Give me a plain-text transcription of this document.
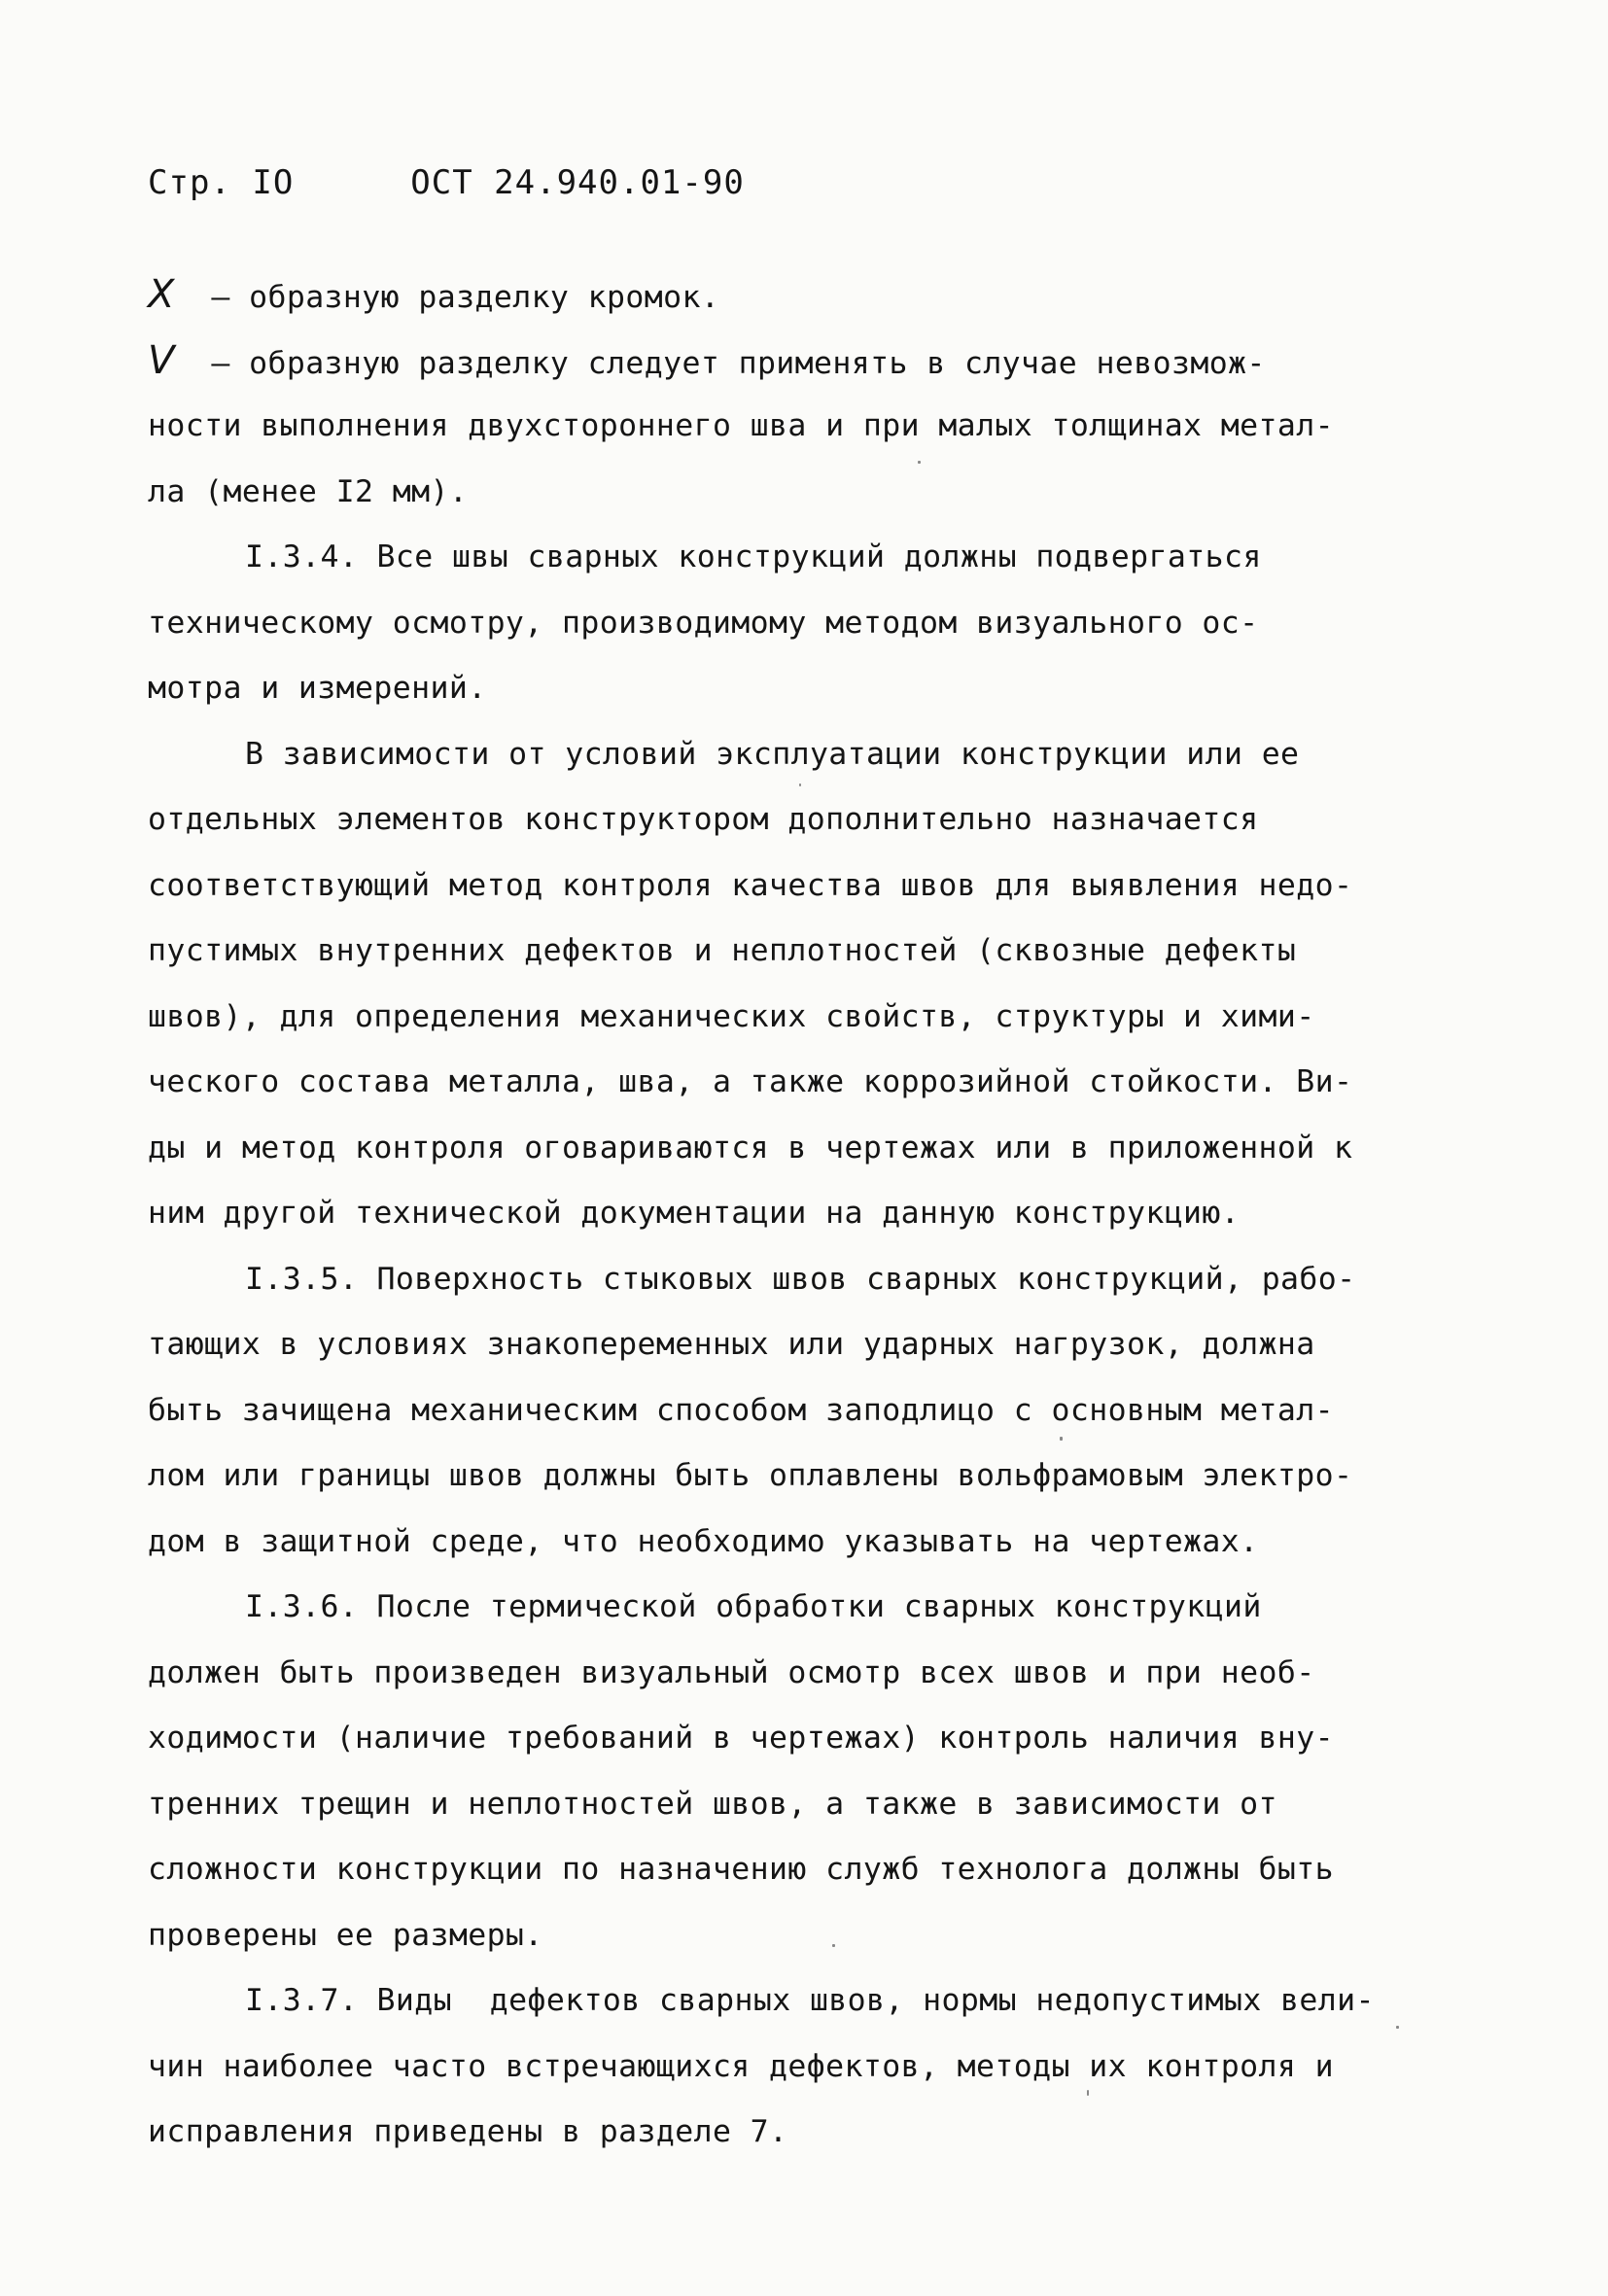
Стр. IО	ОСТ 24.940.01-90
X – образную разделку кромок.
V – образную разделку следует применять в случае невозмож-
ности выполнения двухстороннего шва и при малых толщинах метал-
ла (менее I2 мм).
I.3.4. Все швы сварных конструкций должны подвергаться
техническому осмотру, производимому методом визуального ос-
мотра и измерений.
В зависимости от условий эксплуатации конструкции или ее
отдельных элементов конструктором дополнительно назначается
соответствующий метод контроля качества швов для выявления недо-
пустимых внутренних дефектов и неплотностей (сквозные дефекты
швов), для определения механических свойств, структуры и хими-
ческого состава металла, шва, а также коррозийной стойкости. Ви-
ды и метод контроля оговариваются в чертежах или в приложенной к
ним другой технической документации на данную конструкцию.
I.3.5. Поверхность стыковых швов сварных конструкций, рабо-
тающих в условиях знакопеременных или ударных нагрузок, должна
быть зачищена механическим способом заподлицо с основным метал-
лом или границы швов должны быть оплавлены вольфрамовым электро-
дом в защитной среде, что необходимо указывать на чертежах.
I.3.6. После термической обработки сварных конструкций
должен быть произведен визуальный осмотр всех швов и при необ-
ходимости (наличие требований в чертежах) контроль наличия вну-
тренних трещин и неплотностей швов, а также в зависимости от
сложности конструкции по назначению служб технолога должны быть
проверены ее размеры.
I.3.7. Виды  дефектов сварных швов, нормы недопустимых вели-
чин наиболее часто встречающихся дефектов, методы их контроля и
исправления приведены в разделе 7.
